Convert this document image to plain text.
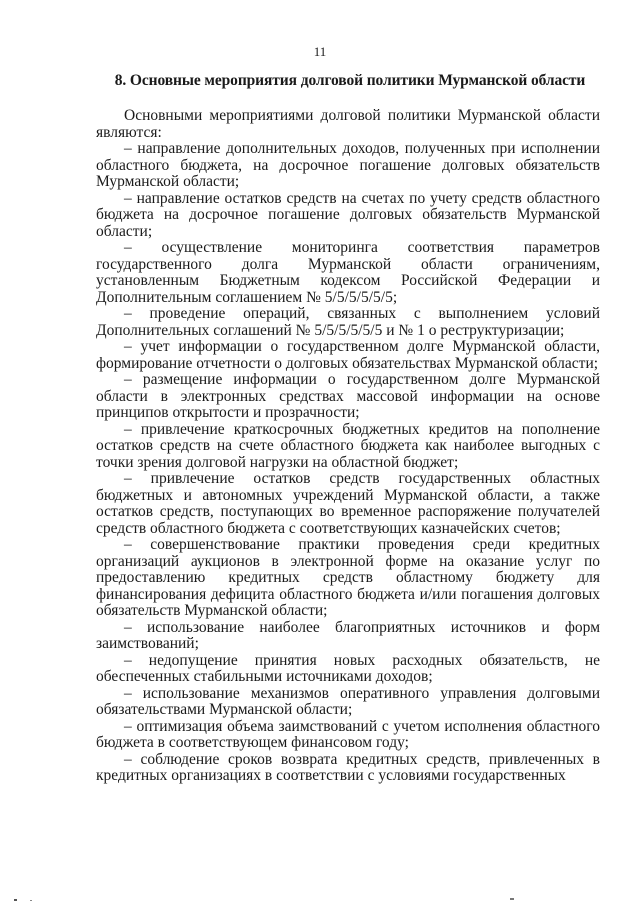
11
8. Основные мероприятия долговой политики Мурманской области

Основными мероприятиями долговой политики Мурманской области являются:

– направление дополнительных доходов, полученных при исполнении областного бюджета, на досрочное погашение долговых обязательств Мурманской области;

– направление остатков средств на счетах по учету средств областного бюджета на досрочное погашение долговых обязательств Мурманской области;

– осуществление мониторинга соответствия параметров государственного долга Мурманской области ограничениям, установленным Бюджетным кодексом Российской Федерации и Дополнительным соглашением № 5/5/5/5/5/5;

– проведение операций, связанных с выполнением условий Дополнительных соглашений № 5/5/5/5/5/5 и № 1 о реструктуризации;

– учет информации о государственном долге Мурманской области, формирование отчетности о долговых обязательствах Мурманской области;

– размещение информации о государственном долге Мурманской области в электронных средствах массовой информации на основе принципов открытости и прозрачности;

– привлечение краткосрочных бюджетных кредитов на пополнение остатков средств на счете областного бюджета как наиболее выгодных с точки зрения долговой нагрузки на областной бюджет;

– привлечение остатков средств государственных областных бюджетных и автономных учреждений Мурманской области, а также остатков средств, поступающих во временное распоряжение получателей средств областного бюджета с соответствующих казначейских счетов;

– совершенствование практики проведения среди кредитных организаций аукционов в электронной форме на оказание услуг по предоставлению кредитных средств областному бюджету для финансирования дефицита областного бюджета и/или погашения долговых обязательств Мурманской области;

– использование наиболее благоприятных источников и форм заимствований;

– недопущение принятия новых расходных обязательств, не обеспеченных стабильными источниками доходов;

– использование механизмов оперативного управления долговыми обязательствами Мурманской области;

– оптимизация объема заимствований с учетом исполнения областного бюджета в соответствующем финансовом году;

– соблюдение сроков возврата кредитных средств, привлеченных в кредитных организациях в соответствии с условиями государственных
